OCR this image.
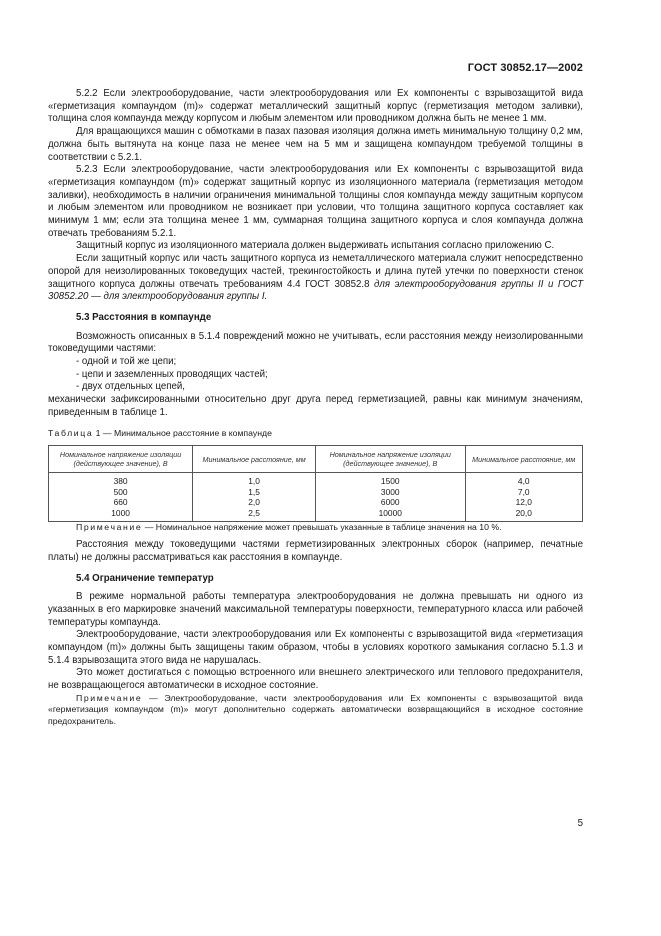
ГОСТ 30852.17—2002

5.2.2 Если электрооборудование, части электрооборудования или Ex компоненты с взрывозащитой вида «герметизация компаундом (m)» содержат металлический защитный корпус (герметизация методом заливки), толщина слоя компаунда между корпусом и любым элементом или проводником должна быть не менее 1 мм.

Для вращающихся машин с обмотками в пазах пазовая изоляция должна иметь минимальную толщину 0,2 мм, должна быть вытянута на конце паза не менее чем на 5 мм и защищена компаундом требуемой толщины в соответствии с 5.2.1.

5.2.3 Если электрооборудование, части электрооборудования или Ex компоненты с взрывозащитой вида «герметизация компаундом (m)» содержат защитный корпус из изоляционного материала (герметизация методом заливки), необходимость в наличии ограничения минимальной толщины слоя компаунда между защитным корпусом и любым элементом или проводником не возникает при условии, что толщина защитного корпуса составляет как минимум 1 мм; если эта толщина менее 1 мм, суммарная толщина защитного корпуса и слоя компаунда должна отвечать требованиям 5.2.1.

Защитный корпус из изоляционного материала должен выдерживать испытания согласно приложению С.

Если защитный корпус или часть защитного корпуса из неметаллического материала служит непосредственно опорой для неизолированных токоведущих частей, трекингостойкость и длина путей утечки по поверхности стенок защитного корпуса должны отвечать требованиям 4.4 ГОСТ 30852.8 для электрооборудования группы II и ГОСТ 30852.20 — для электрооборудования группы I.

5.3 Расстояния в компаунде

Возможность описанных в 5.1.4 повреждений можно не учитывать, если расстояния между неизолированными токоведущими частями:

- одной и той же цепи;
- цепи и заземленных проводящих частей;
- двух отдельных цепей,

механически зафиксированными относительно друг друга перед герметизацией, равны как минимум значениям, приведенным в таблице 1.

Таблица 1 — Минимальное расстояние в компаунде
Номинальное напряжение изоляции (действующее значение), В	Минимальное расстояние, мм	Номинальное напряжение изоляции (действующее значение), В	Минимальное расстояние, мм
380	1,0	1500	4,0
500	1,5	3000	7,0
660	2,0	6000	12,0
1000	2,5	10000	20,0

Примечание — Номинальное напряжение может превышать указанные в таблице значения на 10 %.

Расстояния между токоведущими частями герметизированных электронных сборок (например, печатные платы) не должны рассматриваться как расстояния в компаунде.

5.4 Ограничение температур

В режиме нормальной работы температура электрооборудования не должна превышать ни одного из указанных в его маркировке значений максимальной температуры поверхности, температурного класса или рабочей температуры компаунда.

Электрооборудование, части электрооборудования или Ex компоненты с взрывозащитой вида «герметизация компаундом (m)» должны быть защищены таким образом, чтобы в условиях короткого замыкания согласно 5.1.3 и 5.1.4 взрывозащита этого вида не нарушалась.

Это может достигаться с помощью встроенного или внешнего электрического или теплового предохранителя, не возвращающегося автоматически в исходное состояние.

Примечание — Электрооборудование, части электрооборудования или Ex компоненты с взрывозащитой вида «герметизация компаундом (m)» могут дополнительно содержать автоматически возвращающийся в исходное состояние предохранитель.

5
